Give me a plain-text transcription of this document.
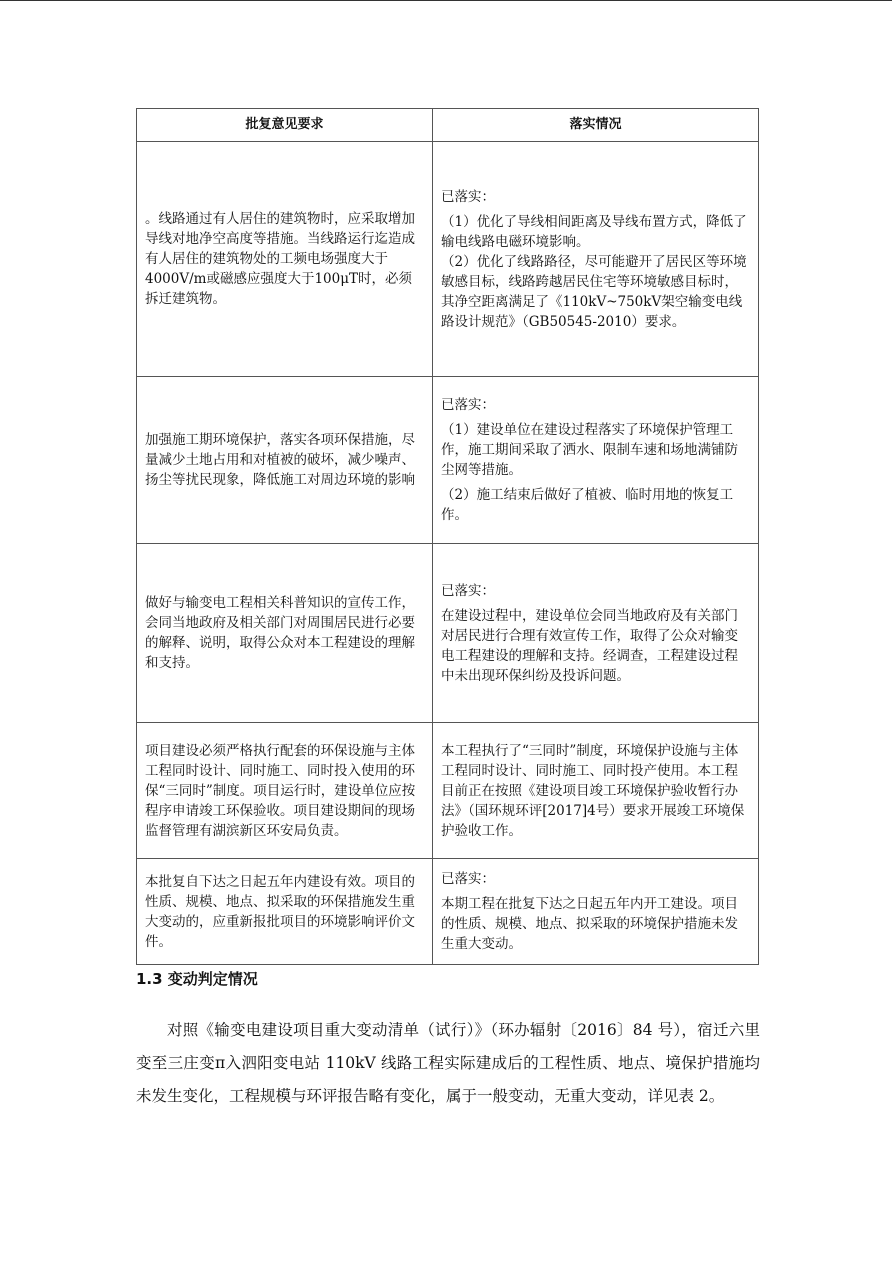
批复意见要求	落实情况

。线路通过有人居住的建筑物时，应采取增加导线对地净空高度等措施。当线路运行迄造成有人居住的建筑物处的工频电场强度大于4000V/m或磁感应强度大于100μT时，必须拆迁建筑物。	已落实：

（1）优化了导线相间距离及导线布置方式，降低了输电线路电磁环境影响。

（2）优化了线路路径，尽可能避开了居民区等环境敏感目标，线路跨越居民住宅等环境敏感目标时，其净空距离满足了《110kV~750kV架空输变电线路设计规范》（GB50545-2010）要求。

加强施工期环境保护，落实各项环保措施，尽量减少土地占用和对植被的破坏，减少噪声、扬尘等扰民现象，降低施工对周边环境的影响	已落实：

（1）建设单位在建设过程落实了环境保护管理工作，施工期间采取了洒水、限制车速和场地满铺防尘网等措施。

（2）施工结束后做好了植被、临时用地的恢复工作。

做好与输变电工程相关科普知识的宣传工作，会同当地政府及相关部门对周围居民进行必要的解释、说明，取得公众对本工程建设的理解和支持。	已落实：

在建设过程中，建设单位会同当地政府及有关部门对居民进行合理有效宣传工作，取得了公众对输变电工程建设的理解和支持。经调查，工程建设过程中未出现环保纠纷及投诉问题。

项目建设必须严格执行配套的环保设施与主体工程同时设计、同时施工、同时投入使用的环保“三同时”制度。项目运行时，建设单位应按程序申请竣工环保验收。项目建设期间的现场监督管理有湖滨新区环安局负责。	本工程执行了“三同时”制度，环境保护设施与主体工程同时设计、同时施工、同时投产使用。本工程目前正在按照《建设项目竣工环境保护验收暂行办法》（国环规环评[2017]4号）要求开展竣工环境保护验收工作。

本批复自下达之日起五年内建设有效。项目的性质、规模、地点、拟采取的环保措施发生重大变动的，应重新报批项目的环境影响评价文件。	已落实：

本期工程在批复下达之日起五年内开工建设。项目的性质、规模、地点、拟采取的环境保护措施未发生重大变动。

1.3 变动判定情况

对照《输变电建设项目重大变动清单（试行）》（环办辐射〔2016〕84 号），宿迁六里变至三庄变π入泗阳变电站 110kV 线路工程实际建成后的工程性质、地点、境保护措施均未发生变化，工程规模与环评报告略有变化，属于一般变动，无重大变动，详见表 2。
